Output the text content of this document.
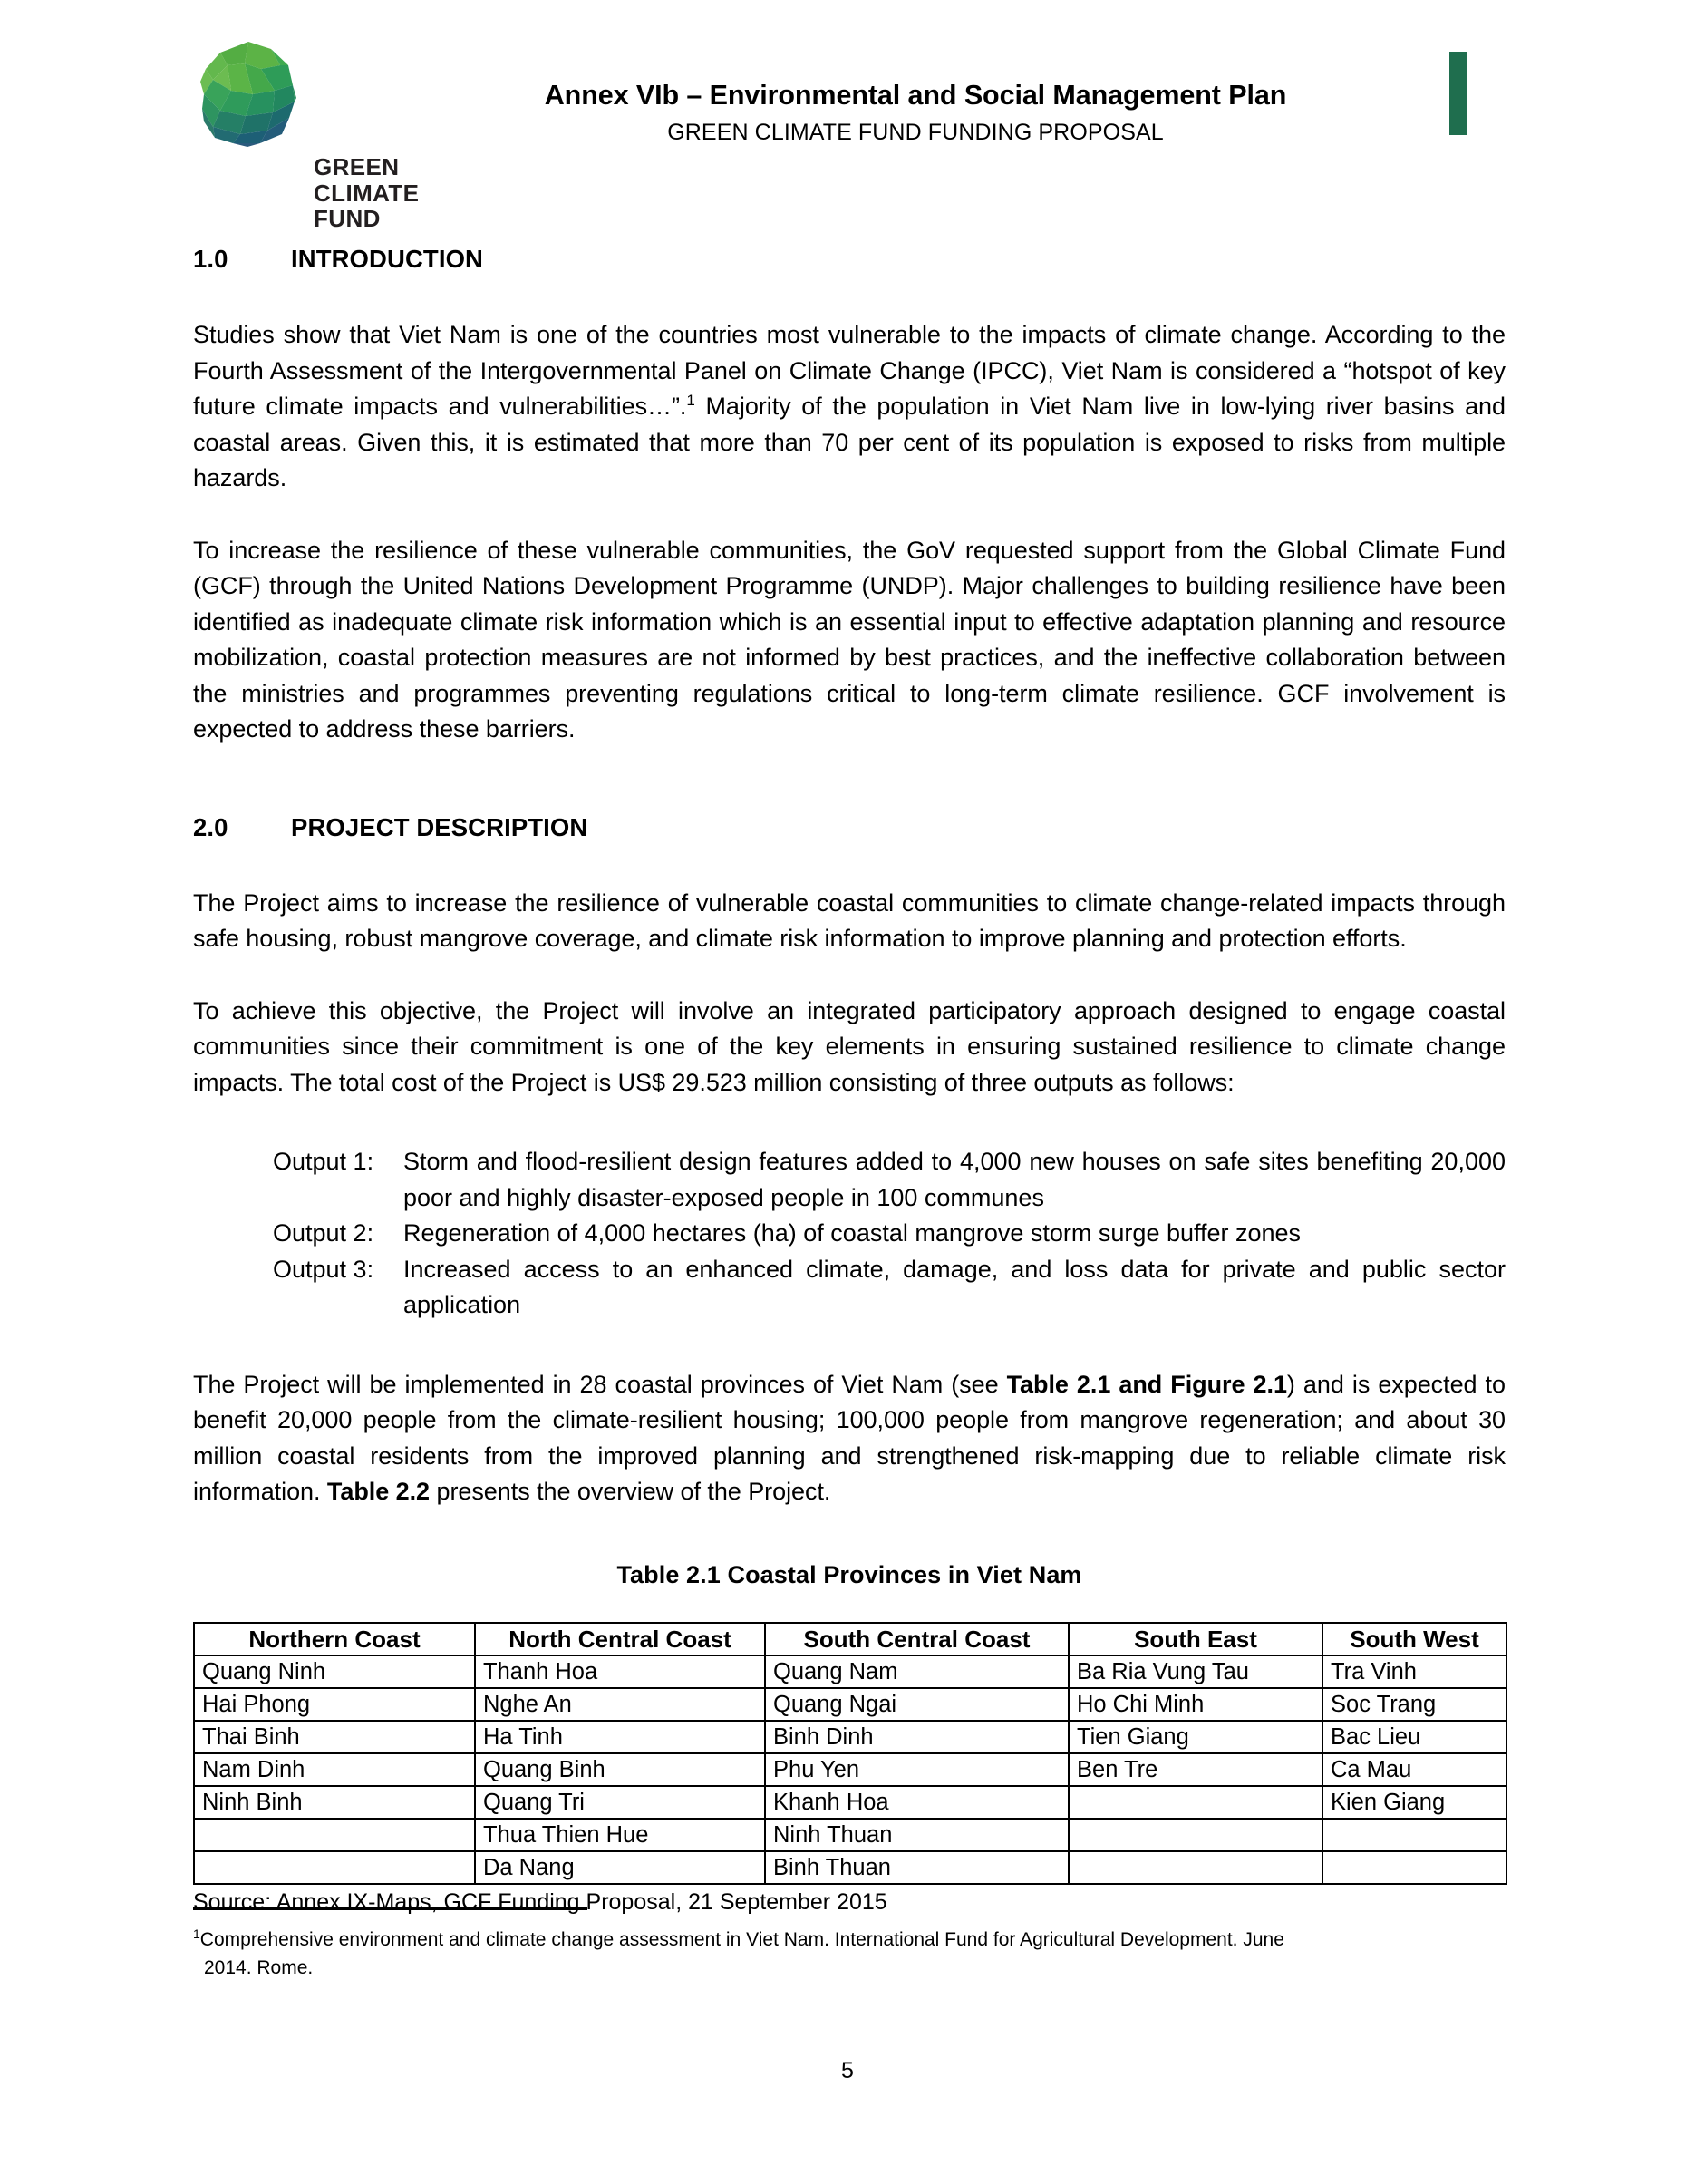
GREEN
CLIMATE
FUND
Annex VIb – Environmental and Social Management Plan
GREEN CLIMATE FUND FUNDING PROPOSAL
1.0	INTRODUCTION

Studies show that Viet Nam is one of the countries most vulnerable to the impacts of climate change. According to the Fourth Assessment of the Intergovernmental Panel on Climate Change (IPCC), Viet Nam is considered a “hotspot of key future climate impacts and vulnerabilities…”.$^1$ Majority of the population in Viet Nam live in low-lying river basins and coastal areas. Given this, it is estimated that more than 70 per cent of its population is exposed to risks from multiple hazards.

To increase the resilience of these vulnerable communities, the GoV requested support from the Global Climate Fund (GCF) through the United Nations Development Programme (UNDP). Major challenges to building resilience have been identified as inadequate climate risk information which is an essential input to effective adaptation planning and resource mobilization, coastal protection measures are not informed by best practices, and the ineffective collaboration between the ministries and programmes preventing regulations critical to long-term climate resilience. GCF involvement is expected to address these barriers.

2.0	PROJECT DESCRIPTION

The Project aims to increase the resilience of vulnerable coastal communities to climate change-related impacts through safe housing, robust mangrove coverage, and climate risk information to improve planning and protection efforts.

To achieve this objective, the Project will involve an integrated participatory approach designed to engage coastal communities since their commitment is one of the key elements in ensuring sustained resilience to climate change impacts. The total cost of the Project is US$ 29.523 million consisting of three outputs as follows:

Output 1:	Storm and flood-resilient design features added to 4,000 new houses on safe sites benefiting 20,000 poor and highly disaster-exposed people in 100 communes
Output 2:	Regeneration of 4,000 hectares (ha) of coastal mangrove storm surge buffer zones
Output 3:	Increased access to an enhanced climate, damage, and loss data for private and public sector application

The Project will be implemented in 28 coastal provinces of Viet Nam (see Table 2.1 and Figure 2.1) and is expected to benefit 20,000 people from the climate-resilient housing; 100,000 people from mangrove regeneration; and about 30 million coastal residents from the improved planning and strengthened risk-mapping due to reliable climate risk information. Table 2.2 presents the overview of the Project.

Table 2.1 Coastal Provinces in Viet Nam
Northern Coast	North Central Coast	South Central Coast	South East	South West
Quang Ninh	Thanh Hoa	Quang Nam	Ba Ria Vung Tau	Tra Vinh
Hai Phong	Nghe An	Quang Ngai	Ho Chi Minh	Soc Trang
Thai Binh	Ha Tinh	Binh Dinh	Tien Giang	Bac Lieu
Nam Dinh	Quang Binh	Phu Yen	Ben Tre	Ca Mau
Ninh Binh	Quang Tri	Khanh Hoa		Kien Giang
	Thua Thien Hue	Ninh Thuan		
	Da Nang	Binh Thuan		
Source: Annex IX-Maps, GCF Funding Proposal, 21 September 2015
$^1$Comprehensive environment and climate change assessment in Viet Nam. International Fund for Agricultural Development. June
2014. Rome.
5
